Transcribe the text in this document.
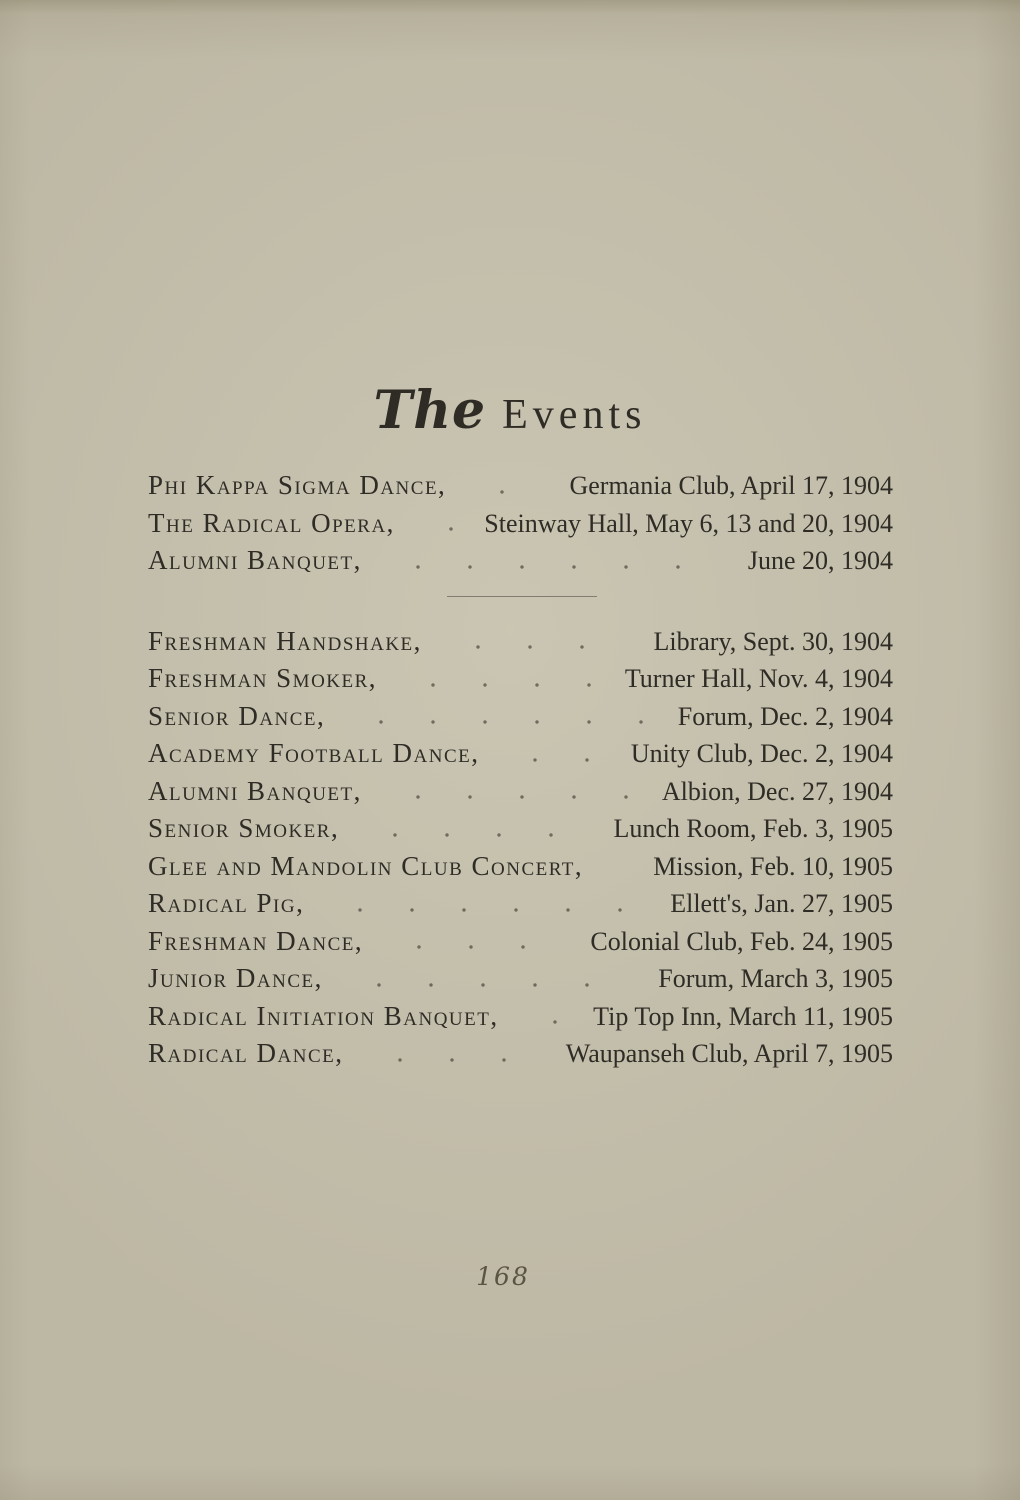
The Events
Phi Kappa Sigma Dance,	Germania Club, April 17, 1904
The Radical Opera,	Steinway Hall, May 6, 13 and 20, 1904
Alumni Banquet,	June 20, 1904
Freshman Handshake,	Library, Sept. 30, 1904
Freshman Smoker,	Turner Hall, Nov. 4, 1904
Senior Dance,	Forum, Dec. 2, 1904
Academy Football Dance,	Unity Club, Dec. 2, 1904
Alumni Banquet,	Albion, Dec. 27, 1904
Senior Smoker,	Lunch Room, Feb. 3, 1905
Glee and Mandolin Club Concert,	Mission, Feb. 10, 1905
Radical Pig,	Ellett's, Jan. 27, 1905
Freshman Dance,	Colonial Club, Feb. 24, 1905
Junior Dance,	Forum, March 3, 1905
Radical Initiation Banquet,	Tip Top Inn, March 11, 1905
Radical Dance,	Waupanseh Club, April 7, 1905
168
